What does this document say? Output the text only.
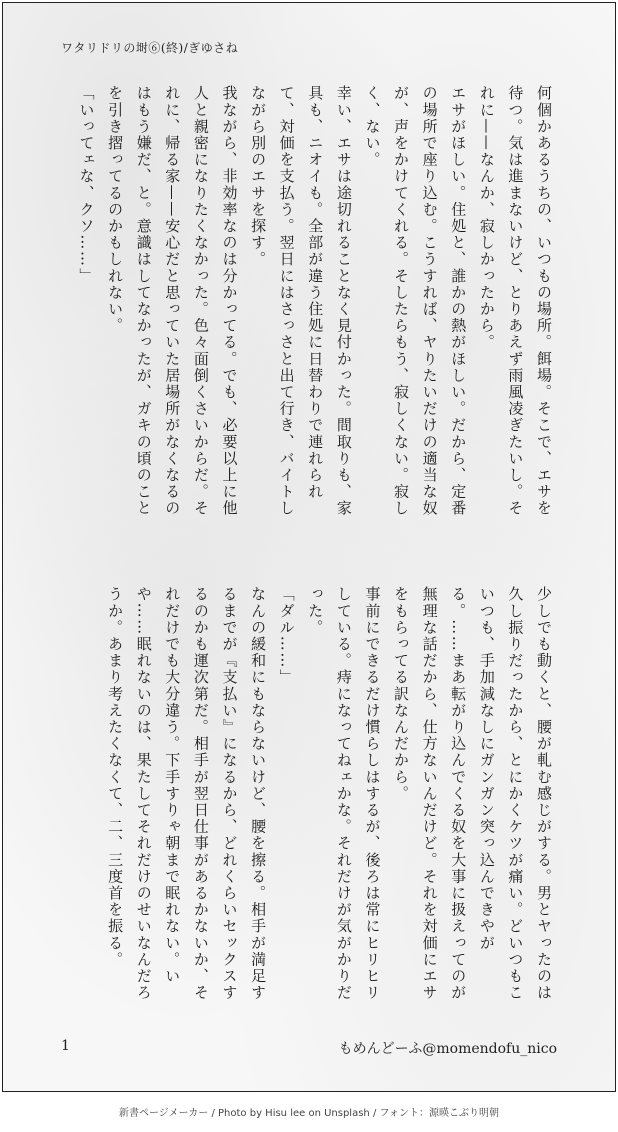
ワタリドリの埘⑥(終)/ぎゆさね

何個かあるうちの、いつもの場所。餌場。そこで、エサを待つ。気は進まないけど、とりあえず雨風凌ぎたいし。それに——なんか、寂しかったから。

エサがほしい。住処と、誰かの熱がほしい。だから、定番の場所で座り込む。こうすれば、ヤりたいだけの適当な奴が、声をかけてくれる。そしたらもう、寂しくない。寂しく、ない。

幸い、エサは途切れることなく見付かった。間取りも、家具も、ニオイも。全部が違う住処に日替わりで連れられて、対価を支払う。翌日にはさっさと出て行き、バイトしながら別のエサを探す。

我ながら、非効率なのは分かってる。でも、必要以上に他人と親密になりたくなかった。色々面倒くさいからだ。それに、帰る家——安心だと思っていた居場所がなくなるのはもう嫌だ、と。意識はしてなかったが、ガキの頃のことを引き摺ってるのかもしれない。

「いってェな、クソ……」

少しでも動くと、腰が軋む感じがする。男とヤったのは久し振りだったから、とにかくケツが痛い。どいつもこいつも、手加減なしにガンガン突っ込んできやがる。……まあ転がり込んでくる奴を大事に扱えってのが無理な話だから、仕方ないんだけど。それを対価にエサをもらってる訳なんだから。

事前にできるだけ慣らしはするが、後ろは常にヒリヒリしている。痔になってねェかな。それだけが気がかりだった。

「ダル……」

なんの緩和にもならないけど、腰を擦る。相手が満足するまでが『支払い』になるから、どれくらいセックスするのかも運次第だ。相手が翌日仕事があるかないか、それだけでも大分違う。下手すりゃ朝まで眠れない。いや……眠れないのは、果たしてそれだけのせいなんだろうか。あまり考えたくなくて、二、三度首を振る。

1	もめんどーふ@momendofu_nico
新書ページメーカー / Photo by Hisu lee on Unsplash / フォント：源暎こぶり明朝
